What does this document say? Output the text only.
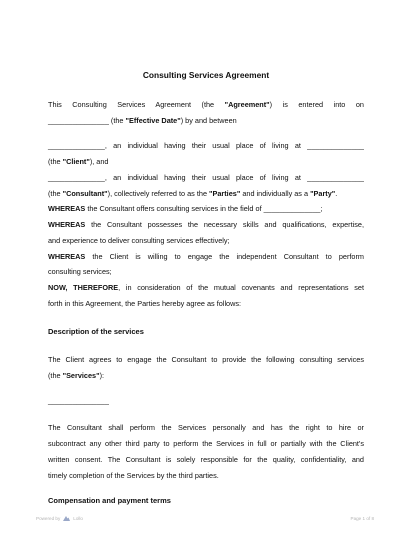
Consulting Services Agreement
This Consulting Services Agreement (the "Agreement") is entered into on
_______________ (the "Effective Date") by and between
______________, an individual having their usual place of living at ______________
(the "Client"), and
______________, an individual having their usual place of living at ______________
(the "Consultant"), collectively referred to as the "Parties" and individually as a "Party".
WHEREAS the Consultant offers consulting services in the field of ______________;
WHEREAS the Consultant possesses the necessary skills and qualifications, expertise,
and experience to deliver consulting services effectively;
WHEREAS the Client is willing to engage the independent Consultant to perform
consulting services;
NOW, THEREFORE, in consideration of the mutual covenants and representations set
forth in this Agreement, the Parties hereby agree as follows:
Description of the services
The Client agrees to engage the Consultant to provide the following consulting services
(the "Services"):
_______________
The Consultant shall perform the Services personally and has the right to hire or
subcontract any other third party to perform the Services in full or partially with the Client's
written consent. The Consultant is solely responsible for the quality, confidentiality, and
timely completion of the Services by the third parties.
Compensation and payment terms
Powered by	Lollo	Page 1 of 8
